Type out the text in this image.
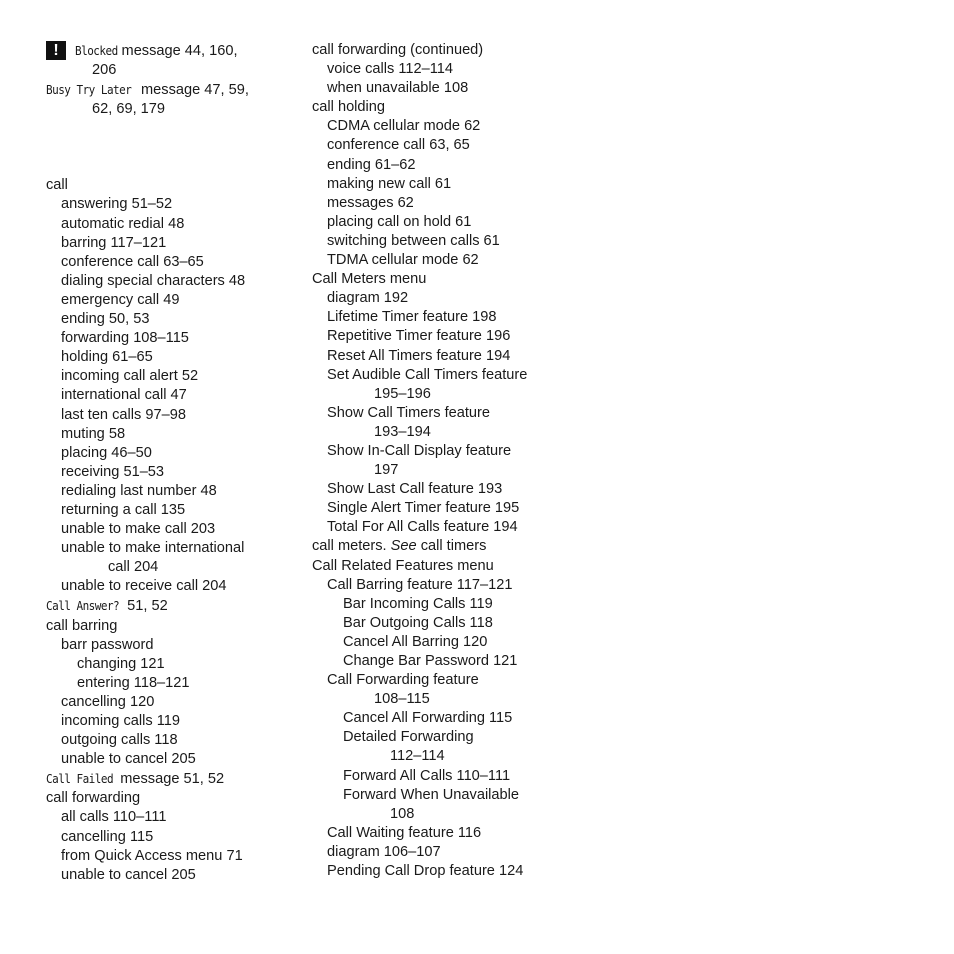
! Blocked message 44, 160,
206
Busy Try Later message 47, 59,
62, 69, 179
call
answering 51–52
automatic redial 48
barring 117–121
conference call 63–65
dialing special characters 48
emergency call 49
ending 50, 53
forwarding 108–115
holding 61–65
incoming call alert 52
international call 47
last ten calls 97–98
muting 58
placing 46–50
receiving 51–53
redialing last number 48
returning a call 135
unable to make call 203
unable to make international
call 204
unable to receive call 204
Call Answer? 51, 52
call barring
barr password
changing 121
entering 118–121
cancelling 120
incoming calls 119
outgoing calls 118
unable to cancel 205
Call Failed message 51, 52
call forwarding
all calls 110–111
cancelling 115
from Quick Access menu 71
unable to cancel 205
call forwarding (continued)
voice calls 112–114
when unavailable 108
call holding
CDMA cellular mode 62
conference call 63, 65
ending 61–62
making new call 61
messages 62
placing call on hold 61
switching between calls 61
TDMA cellular mode 62
Call Meters menu
diagram 192
Lifetime Timer feature 198
Repetitive Timer feature 196
Reset All Timers feature 194
Set Audible Call Timers feature
195–196
Show Call Timers feature
193–194
Show In-Call Display feature
197
Show Last Call feature 193
Single Alert Timer feature 195
Total For All Calls feature 194
call meters. See call timers
Call Related Features menu
Call Barring feature 117–121
Bar Incoming Calls 119
Bar Outgoing Calls 118
Cancel All Barring 120
Change Bar Password 121
Call Forwarding feature
108–115
Cancel All Forwarding 115
Detailed Forwarding
112–114
Forward All Calls 110–111
Forward When Unavailable
108
Call Waiting feature 116
diagram 106–107
Pending Call Drop feature 124
